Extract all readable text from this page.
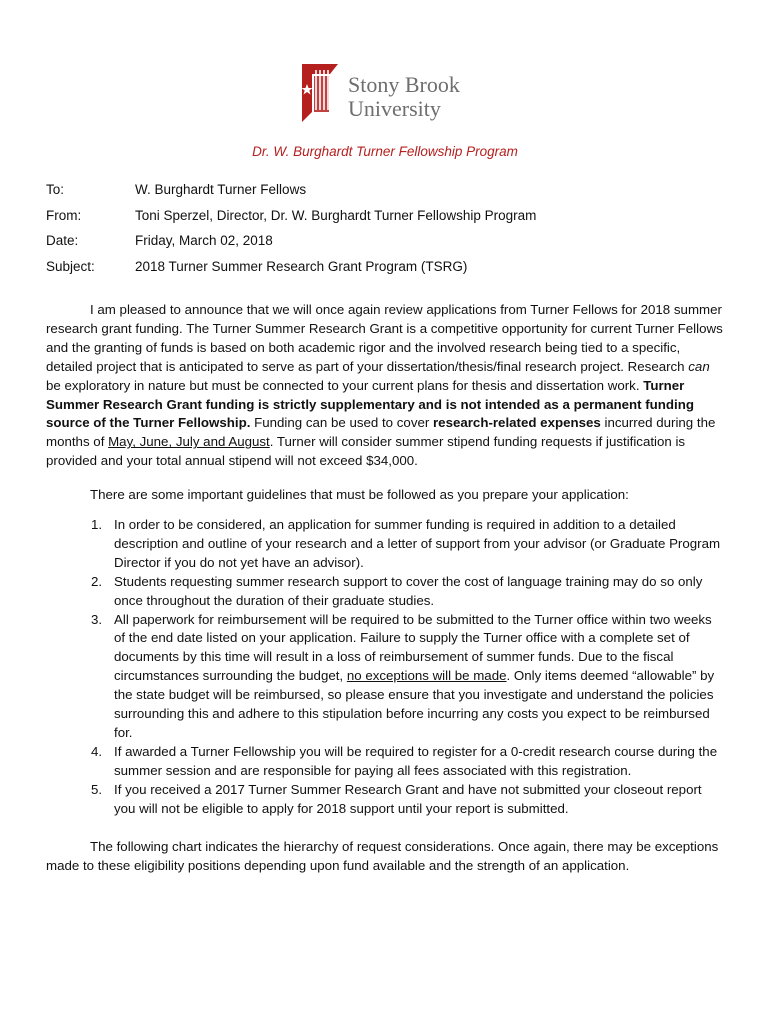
Stony Brook
University
Dr. W. Burghardt Turner Fellowship Program
To:	W. Burghardt Turner Fellows
From:	Toni Sperzel, Director, Dr. W. Burghardt Turner Fellowship Program
Date:	Friday, March 02, 2018
Subject:	2018 Turner Summer Research Grant Program (TSRG)

I am pleased to announce that we will once again review applications from Turner Fellows for 2018 summer research grant funding. The Turner Summer Research Grant is a competitive opportunity for current Turner Fellows and the granting of funds is based on both academic rigor and the involved research being tied to a specific, detailed project that is anticipated to serve as part of your dissertation/thesis/final research project. Research can be exploratory in nature but must be connected to your current plans for thesis and dissertation work. Turner Summer Research Grant funding is strictly supplementary and is not intended as a permanent funding source of the Turner Fellowship. Funding can be used to cover research-related expenses incurred during the months of May, June, July and August. Turner will consider summer stipend funding requests if justification is provided and your total annual stipend will not exceed $34,000.

There are some important guidelines that must be followed as you prepare your application:

1. In order to be considered, an application for summer funding is required in addition to a detailed description and outline of your research and a letter of support from your advisor (or Graduate Program Director if you do not yet have an advisor).
2. Students requesting summer research support to cover the cost of language training may do so only once throughout the duration of their graduate studies.
3. All paperwork for reimbursement will be required to be submitted to the Turner office within two weeks of the end date listed on your application. Failure to supply the Turner office with a complete set of documents by this time will result in a loss of reimbursement of summer funds. Due to the fiscal circumstances surrounding the budget, no exceptions will be made. Only items deemed “allowable” by the state budget will be reimbursed, so please ensure that you investigate and understand the policies surrounding this and adhere to this stipulation before incurring any costs you expect to be reimbursed for.
4. If awarded a Turner Fellowship you will be required to register for a 0-credit research course during the summer session and are responsible for paying all fees associated with this registration.
5. If you received a 2017 Turner Summer Research Grant and have not submitted your closeout report you will not be eligible to apply for 2018 support until your report is submitted.

The following chart indicates the hierarchy of request considerations. Once again, there may be exceptions made to these eligibility positions depending upon fund available and the strength of an application.
